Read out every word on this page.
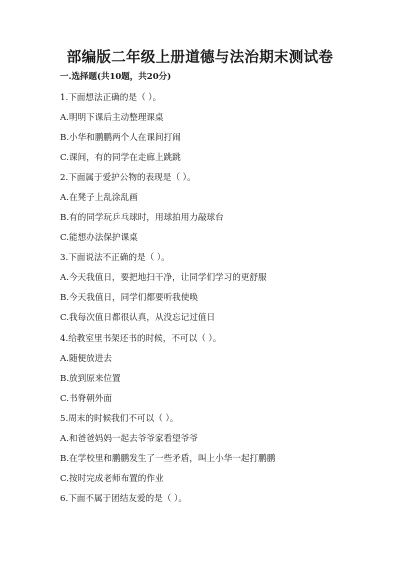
部编版二年级上册道德与法治期末测试卷
一.选择题(共10题，共20分)
1.下面想法正确的是（ ）。
A.明明下课后主动整理课桌
B.小华和鹏鹏两个人在课间打闹
C.课间，有的同学在走廊上跳跳
2.下面属于爱护公物的表现是（ ）。
A.在凳子上乱涂乱画
B.有的同学玩乒乓球时，用球拍用力敲球台
C.能想办法保护课桌
3.下面说法不正确的是（ ）。
A.今天我值日，要把地扫干净，让同学们学习的更舒服
B.今天我值日，同学们都要听我使唤
C.我每次值日都很认真，从没忘记过值日
4.给教室里书架还书的时候，不可以（ ）。
A.随便放进去
B.放到原来位置
C.书脊朝外面
5.周末的时候我们不可以（ ）。
A.和爸爸妈妈一起去爷爷家看望爷爷
B.在学校里和鹏鹏发生了一些矛盾，叫上小华一起打鹏鹏
C.按时完成老师布置的作业
6.下面不属于团结友爱的是（ ）。
